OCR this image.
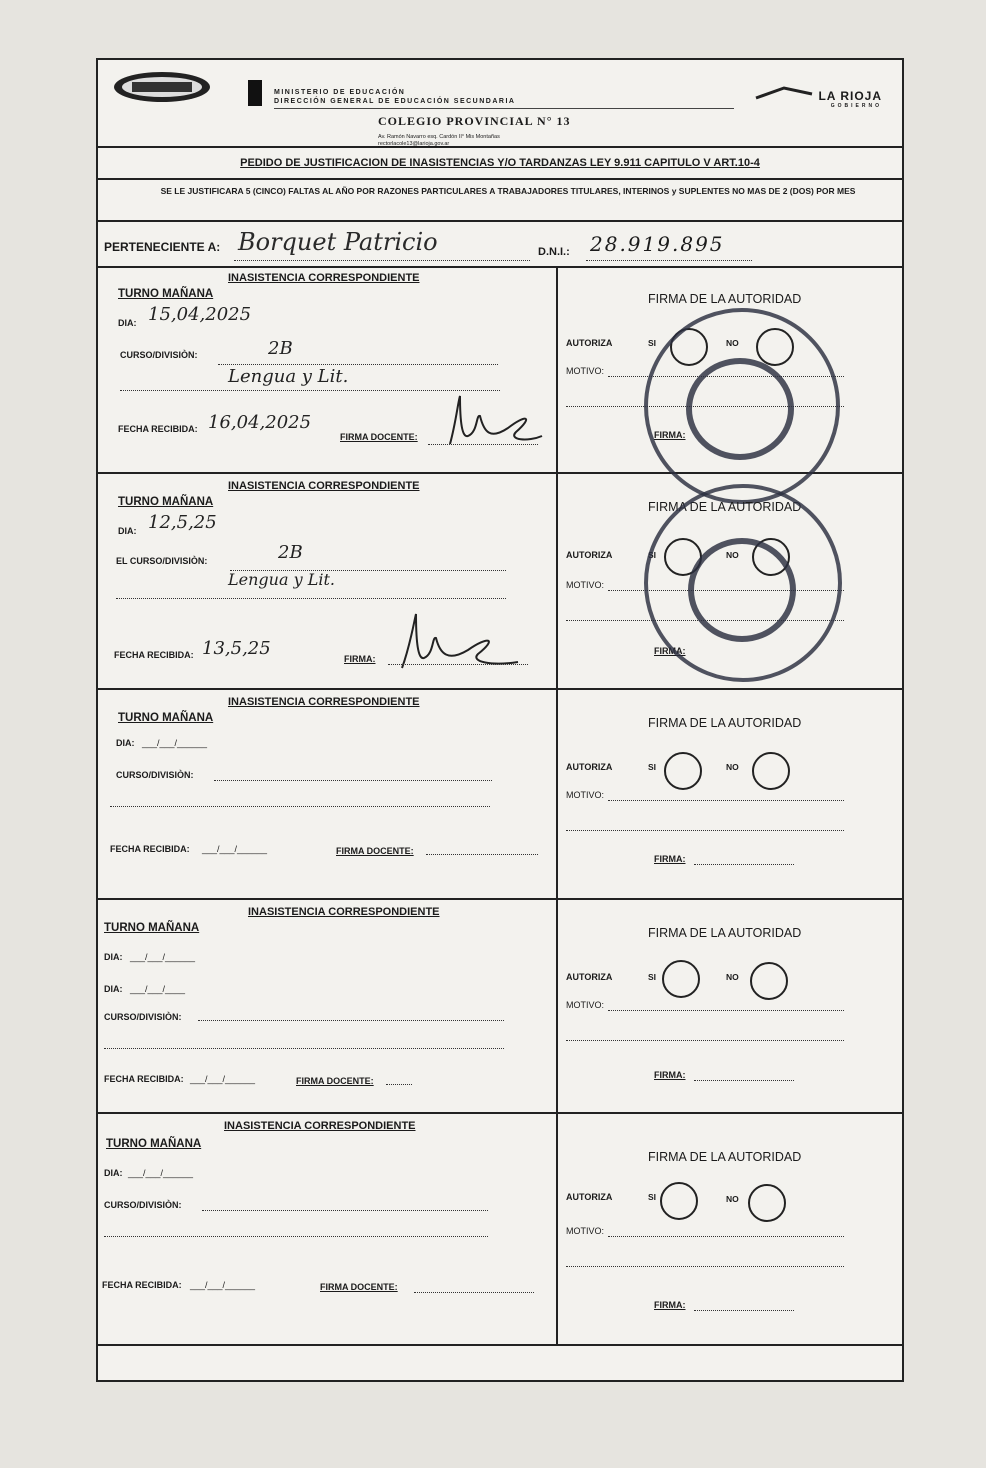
MINISTERIO DE EDUCACIÓN
DIRECCIÓN GENERAL DE EDUCACIÓN SECUNDARIA
COLEGIO PROVINCIAL N° 13
Av. Ramón Navarro esq. Cardón II° Mis Montañas
rectorlacole13@larioja.gov.ar
LA RIOJA
GOBIERNO
PEDIDO DE JUSTIFICACION DE INASISTENCIAS Y/O TARDANZAS LEY 9.911 CAPITULO V ART.10-4
SE LE JUSTIFICARA 5 (CINCO) FALTAS AL AÑO POR RAZONES PARTICULARES A TRABAJADORES TITULARES, INTERINOS y SUPLENTES NO MAS DE 2 (DOS) POR MES
PERTENECIENTE A: Borquet Patricio	D.N.I.: 28.919.895
INASISTENCIA CORRESPONDIENTE
TURNO MAÑANA
DIA: 15,04,2025
CURSO/DIVISIÒN:	2B
Lengua y Lit.
FECHA RECIBIDA: 16,04,2025
FIRMA DOCENTE:
FIRMA DE LA AUTORIDAD
AUTORIZA	SI	NO
MOTIVO:
FIRMA:
INASISTENCIA CORRESPONDIENTE
TURNO MAÑANA
DIA: 12,5,25
EL CURSO/DIVISIÒN:	2B
Lengua y Lit.
FECHA RECIBIDA: 13,5,25	FIRMA:
FIRMA DE LA AUTORIDAD
AUTORIZA	SI	NO
MOTIVO:
FIRMA:
INASISTENCIA CORRESPONDIENTE
TURNO MAÑANA
DIA: ___/___/______
CURSO/DIVISIÒN:
FECHA RECIBIDA: ___/___/______	FIRMA DOCENTE:
FIRMA DE LA AUTORIDAD
AUTORIZA	SI	NO
MOTIVO:
FIRMA:
INASISTENCIA CORRESPONDIENTE
TURNO MAÑANA
DIA: ___/___/______
DIA: ___/___/____
CURSO/DIVISIÒN:
FECHA RECIBIDA: ___/___/______	FIRMA DOCENTE:
FIRMA DE LA AUTORIDAD
AUTORIZA	SI	NO
MOTIVO:
FIRMA:
INASISTENCIA CORRESPONDIENTE
TURNO MAÑANA
DIA: ___/___/______
CURSO/DIVISIÒN:
FECHA RECIBIDA: ___/___/______	FIRMA DOCENTE:
FIRMA DE LA AUTORIDAD
AUTORIZA	SI	NO
MOTIVO:
FIRMA:
